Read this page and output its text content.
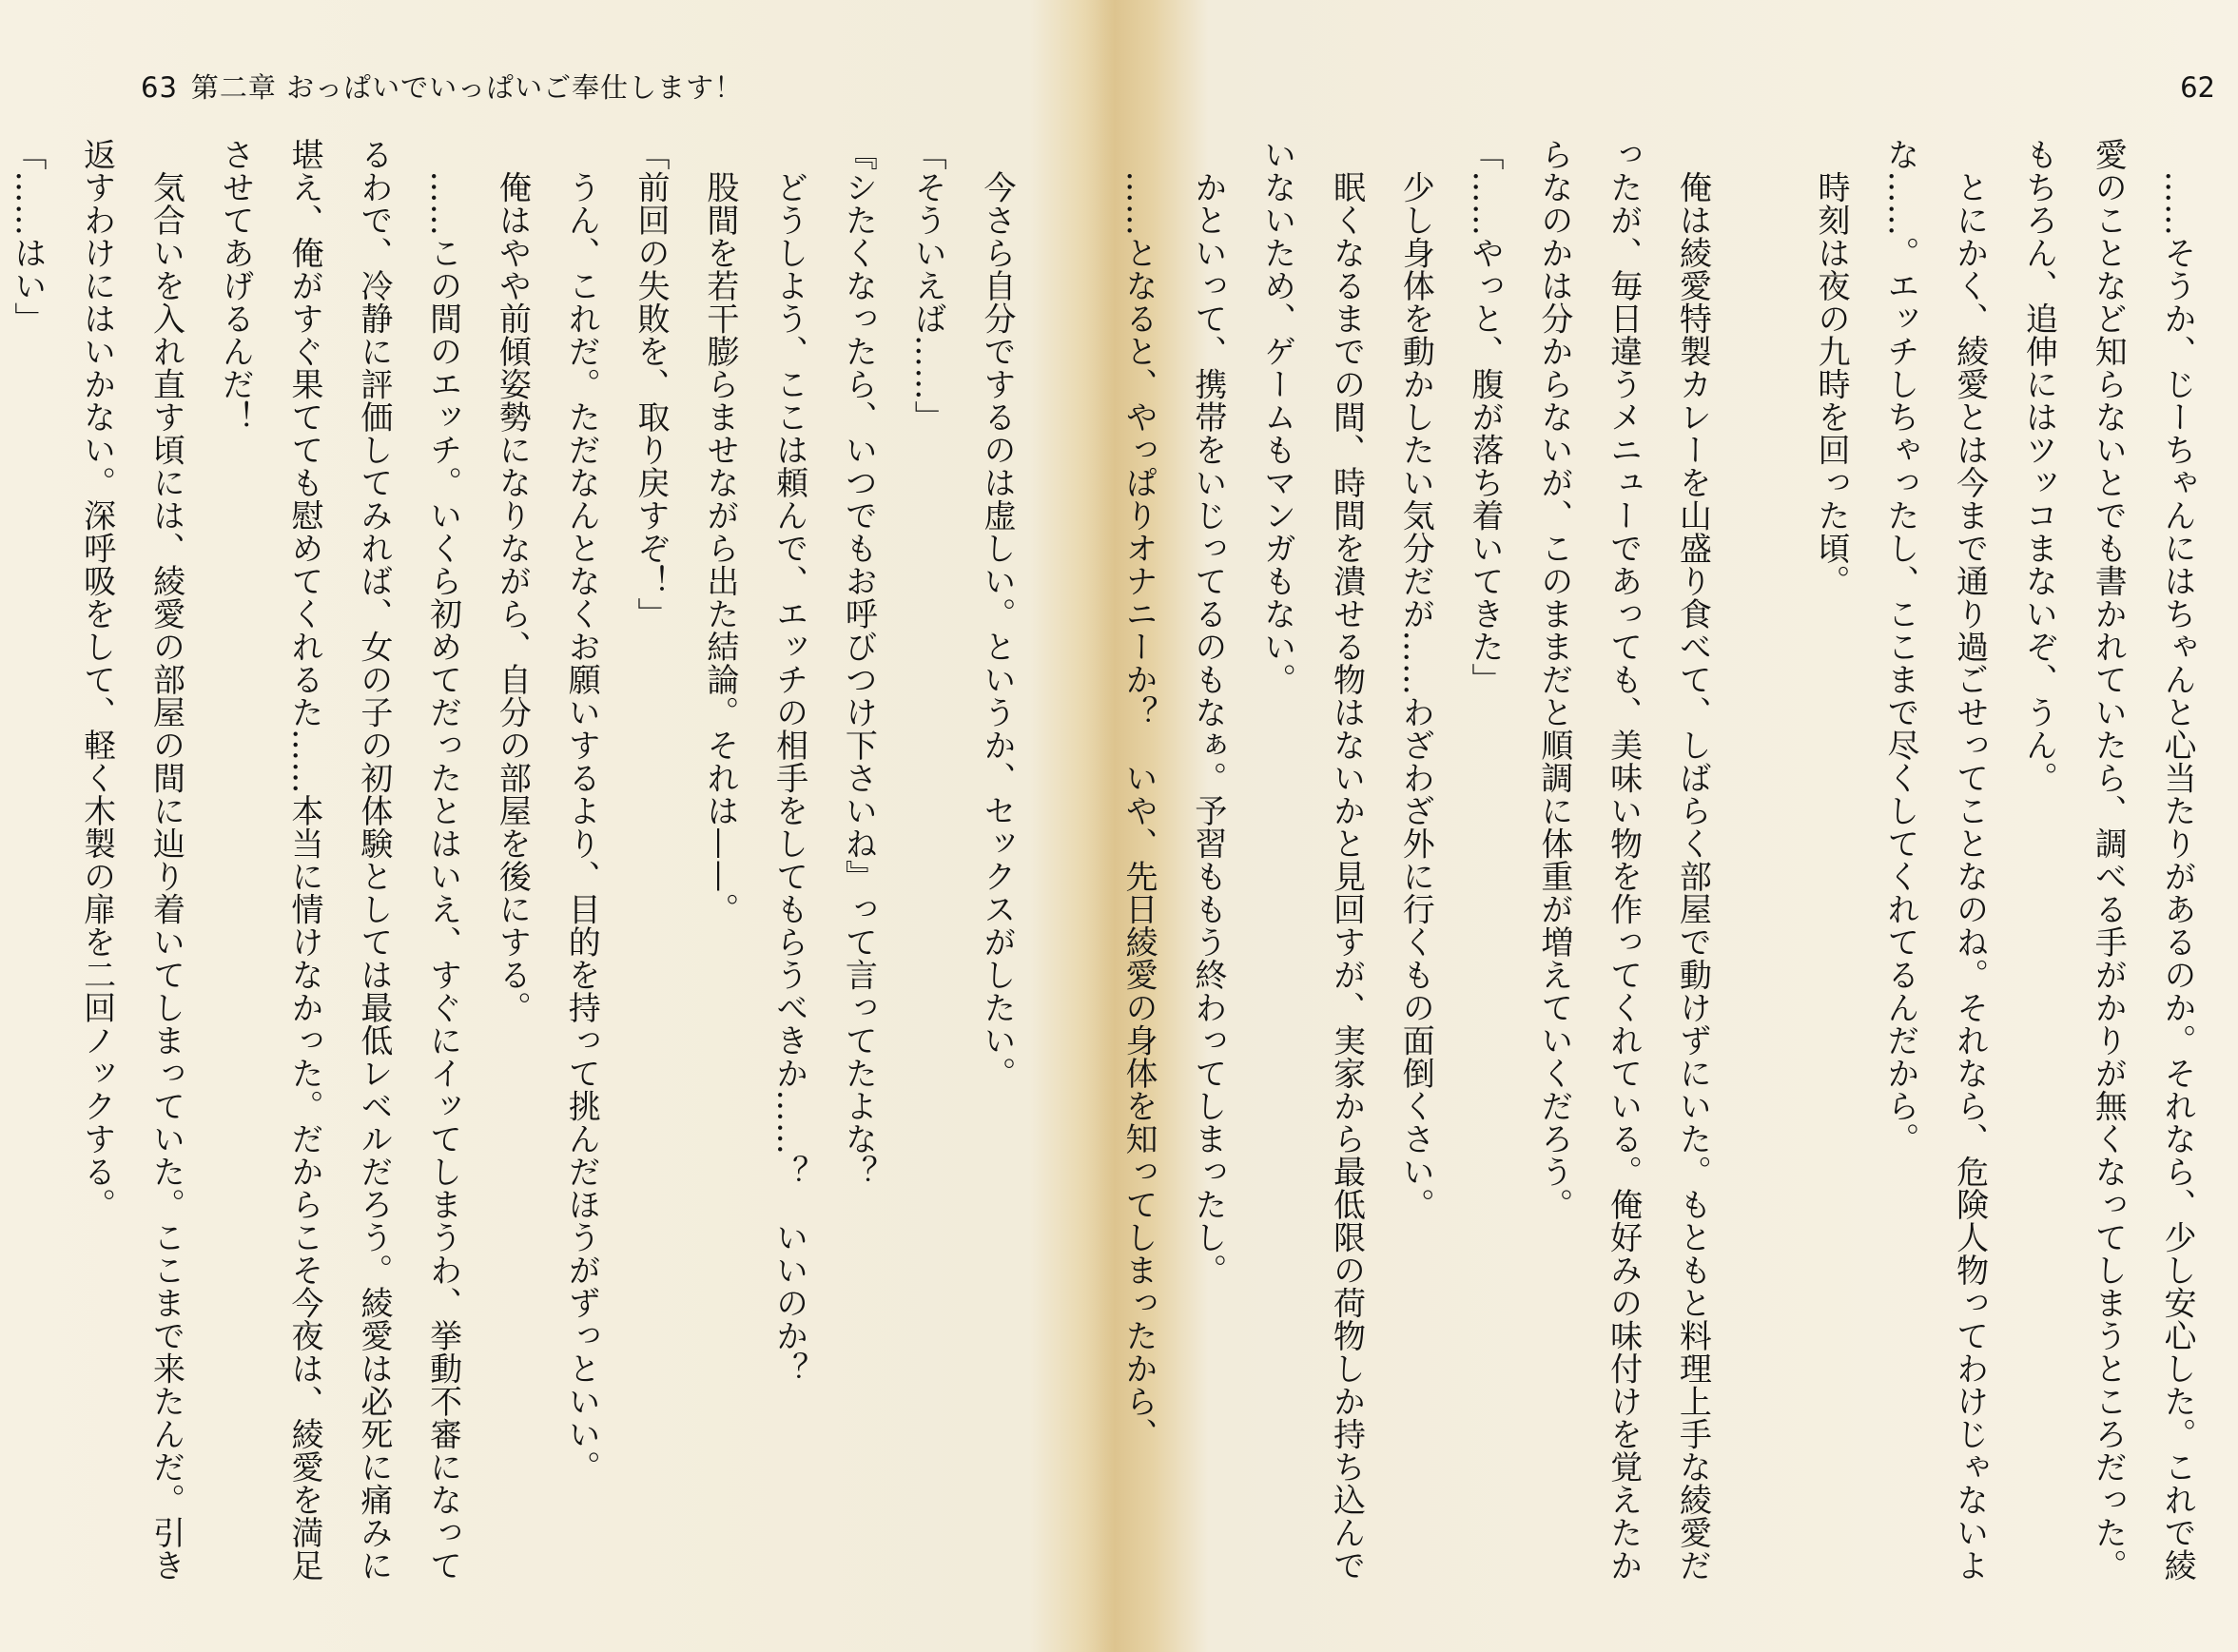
63 第二章 おっぱいでいっぱいご奉仕します！

　今さら自分でするのは虚しい。というか、セックスがしたい。

「そういえば……」

『シたくなったら、いつでもお呼びつけ下さいね』って言ってたよな？

　どうしよう、ここは頼んで、エッチの相手をしてもらうべきか……？　いいのか？

　股間を若干膨らませながら出た結論。それは——。

「前回の失敗を、取り戻すぞ！」

　うん、これだ。ただなんとなくお願いするより、目的を持って挑んだほうがずっといい。

　俺はやや前傾姿勢になりながら、自分の部屋を後にする。

　……この間のエッチ。いくら初めてだったとはいえ、すぐにイッてしまうわ、挙動不審になってるわで、冷静に評価してみれば、女の子の初体験としては最低レベルだろう。綾愛は必死に痛みに堪え、俺がすぐ果てても慰めてくれるた……本当に情けなかった。だからこそ今夜は、綾愛を満足させてあげるんだ！

　気合いを入れ直す頃には、綾愛の部屋の間に辿り着いてしまっていた。ここまで来たんだ。引き返すわけにはいかない。深呼吸をして、軽く木製の扉を二回ノックする。

「……はい」

62

　……そうか、じーちゃんにはちゃんと心当たりがあるのか。それなら、少し安心した。これで綾愛のことなど知らないとでも書かれていたら、調べる手がかりが無くなってしまうところだった。もちろん、追伸にはツッコまないぞ、うん。

　とにかく、綾愛とは今まで通り過ごせってことなのね。それなら、危険人物ってわけじゃないよな……。エッチしちゃったし、ここまで尽くしてくれてるんだから。

　時刻は夜の九時を回った頃。

　俺は綾愛特製カレーを山盛り食べて、しばらく部屋で動けずにいた。もともと料理上手な綾愛だったが、毎日違うメニューであっても、美味い物を作ってくれている。俺好みの味付けを覚えたからなのかは分からないが、このままだと順調に体重が増えていくだろう。

「……やっと、腹が落ち着いてきた」

　少し身体を動かしたい気分だが……わざわざ外に行くもの面倒くさい。

　眠くなるまでの間、時間を潰せる物はないかと見回すが、実家から最低限の荷物しか持ち込んでいないため、ゲームもマンガもない。

　かといって、携帯をいじってるのもなぁ。予習ももう終わってしまったし。

　……となると、やっぱりオナニーか？　いや、先日綾愛の身体を知ってしまったから、
